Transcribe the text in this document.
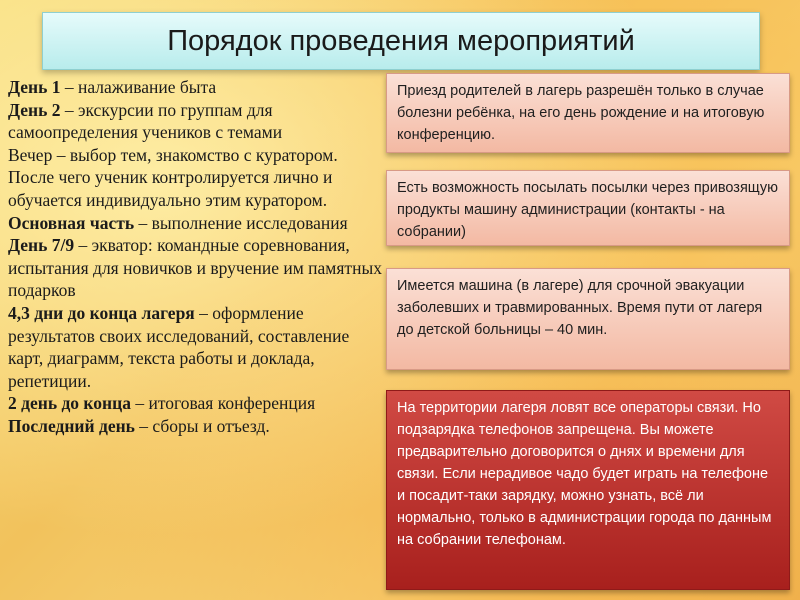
Порядок проведения мероприятий

День 1 – налаживание быта

День 2 – экскурсии по группам для самоопределения учеников с темами

Вечер – выбор тем, знакомство с куратором. После чего ученик контролируется лично и обучается индивидуально этим куратором.

Основная часть – выполнение исследования

День 7/9 – экватор: командные соревнования, испытания для новичков и вручение им памятных подарков

4,3 дни до конца лагеря – оформление результатов своих исследований, составление карт, диаграмм, текста работы и доклада, репетиции.

2 день до конца – итоговая конференция

Последний день – сборы и отъезд.

Приезд родителей в лагерь разрешён только в случае болезни ребёнка, на его день рождение и на итоговую конференцию.
Есть возможность посылать посылки через привозящую продукты машину администрации (контакты - на собрании)
Имеется машина (в лагере) для срочной эвакуации заболевших и травмированных. Время пути от лагеря до детской больницы – 40 мин.
На территории лагеря ловят все операторы связи. Но подзарядка телефонов запрещена. Вы можете предварительно договорится о днях и времени для связи. Если нерадивое чадо будет играть на телефоне и посадит-таки зарядку, можно узнать, всё ли нормально, только в администрации города по данным на собрании телефонам.
